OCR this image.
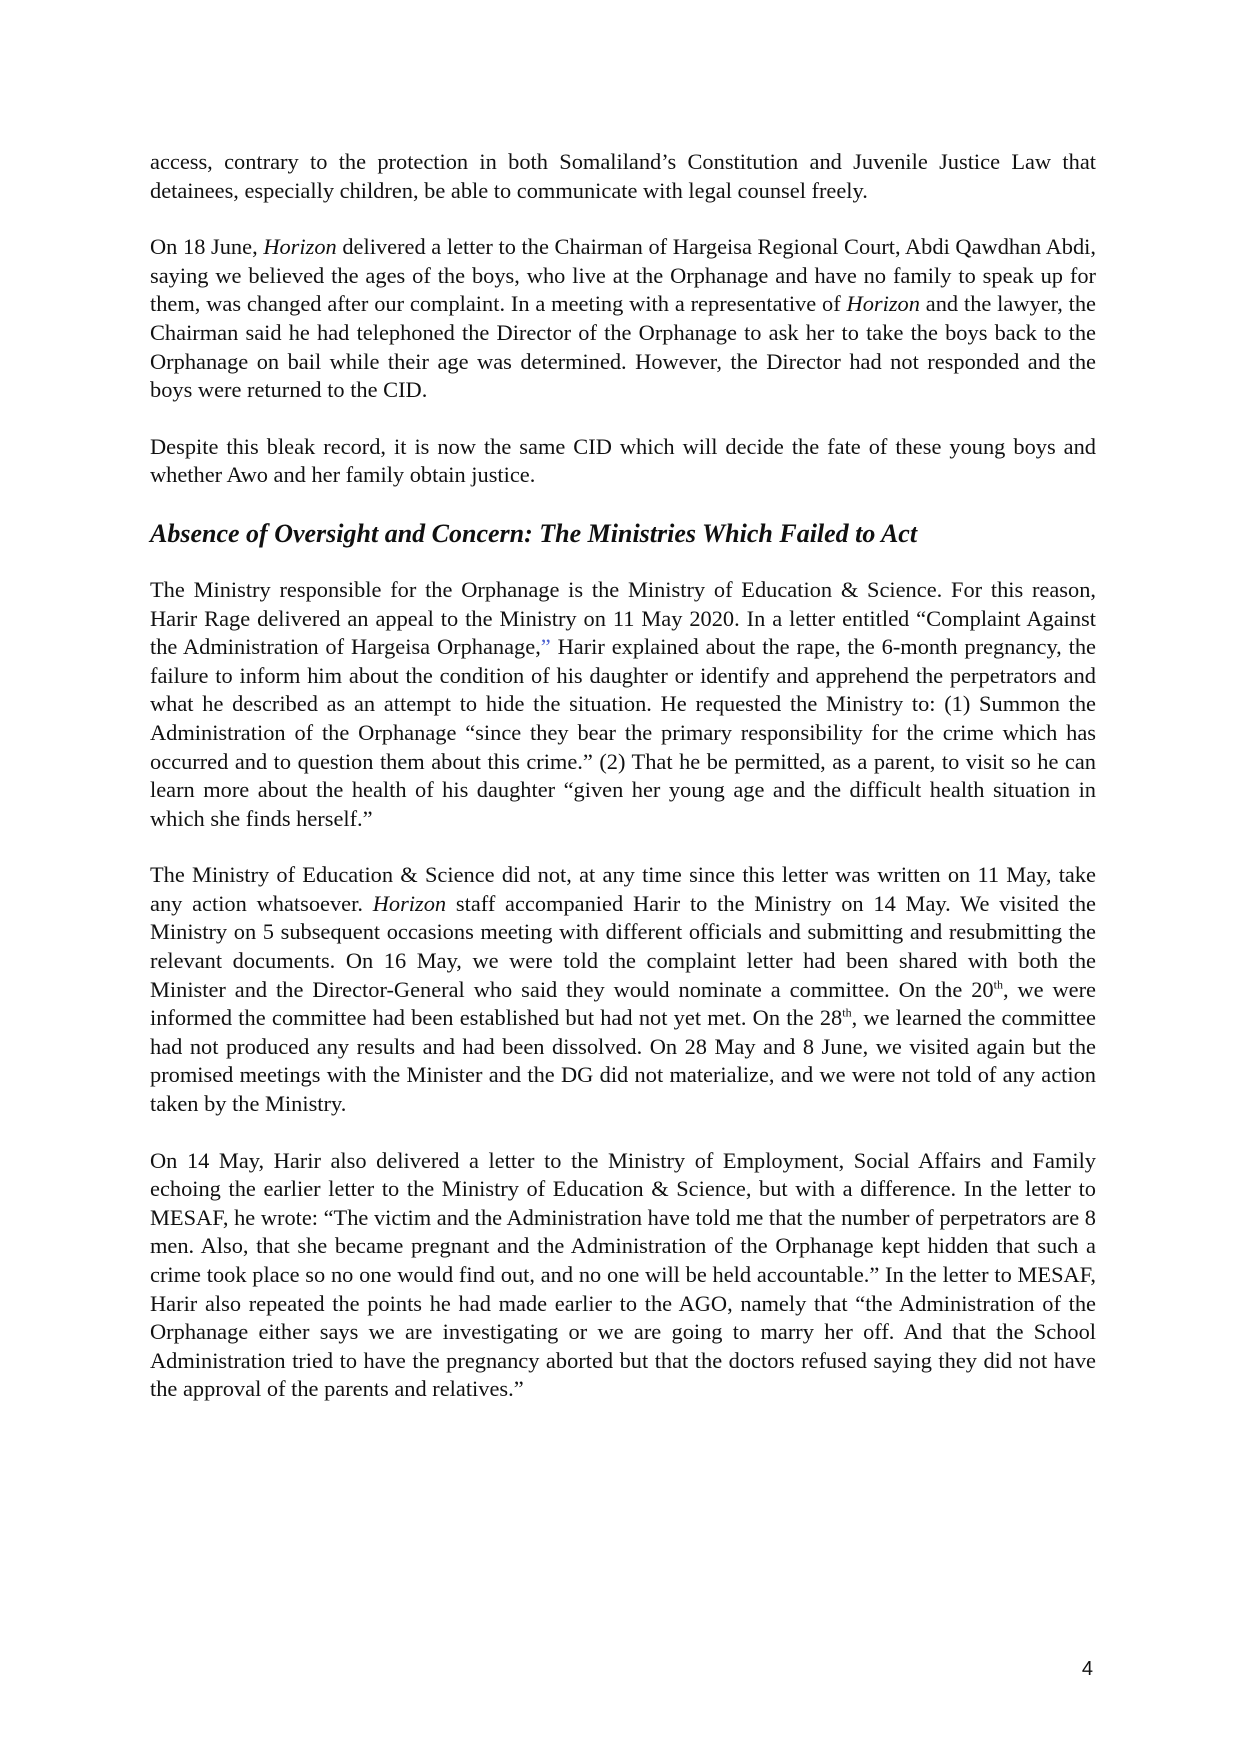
access, contrary to the protection in both Somaliland’s Constitution and Juvenile Justice Law that detainees, especially children, be able to communicate with legal counsel freely.

On 18 June, Horizon delivered a letter to the Chairman of Hargeisa Regional Court, Abdi Qawdhan Abdi, saying we believed the ages of the boys, who live at the Orphanage and have no family to speak up for them, was changed after our complaint. In a meeting with a representative of Horizon and the lawyer, the Chairman said he had telephoned the Director of the Orphanage to ask her to take the boys back to the Orphanage on bail while their age was determined. However, the Director had not responded and the boys were returned to the CID.

Despite this bleak record, it is now the same CID which will decide the fate of these young boys and whether Awo and her family obtain justice.

Absence of Oversight and Concern: The Ministries Which Failed to Act

The Ministry responsible for the Orphanage is the Ministry of Education & Science. For this reason, Harir Rage delivered an appeal to the Ministry on 11 May 2020. In a letter entitled “Complaint Against the Administration of Hargeisa Orphanage,” Harir explained about the rape, the 6-month pregnancy, the failure to inform him about the condition of his daughter or identify and apprehend the perpetrators and what he described as an attempt to hide the situation. He requested the Ministry to: (1) Summon the Administration of the Orphanage “since they bear the primary responsibility for the crime which has occurred and to question them about this crime.” (2) That he be permitted, as a parent, to visit so he can learn more about the health of his daughter “given her young age and the difficult health situation in which she finds herself.”

The Ministry of Education & Science did not, at any time since this letter was written on 11 May, take any action whatsoever. Horizon staff accompanied Harir to the Ministry on 14 May. We visited the Ministry on 5 subsequent occasions meeting with different officials and submitting and resubmitting the relevant documents. On 16 May, we were told the complaint letter had been shared with both the Minister and the Director-General who said they would nominate a committee. On the 20th, we were informed the committee had been established but had not yet met. On the 28th, we learned the committee had not produced any results and had been dissolved. On 28 May and 8 June, we visited again but the promised meetings with the Minister and the DG did not materialize, and we were not told of any action taken by the Ministry.

On 14 May, Harir also delivered a letter to the Ministry of Employment, Social Affairs and Family echoing the earlier letter to the Ministry of Education & Science, but with a difference. In the letter to MESAF, he wrote: “The victim and the Administration have told me that the number of perpetrators are 8 men. Also, that she became pregnant and the Administration of the Orphanage kept hidden that such a crime took place so no one would find out, and no one will be held accountable.” In the letter to MESAF, Harir also repeated the points he had made earlier to the AGO, namely that “the Administration of the Orphanage either says we are investigating or we are going to marry her off. And that the School Administration tried to have the pregnancy aborted but that the doctors refused saying they did not have the approval of the parents and relatives.”

4
